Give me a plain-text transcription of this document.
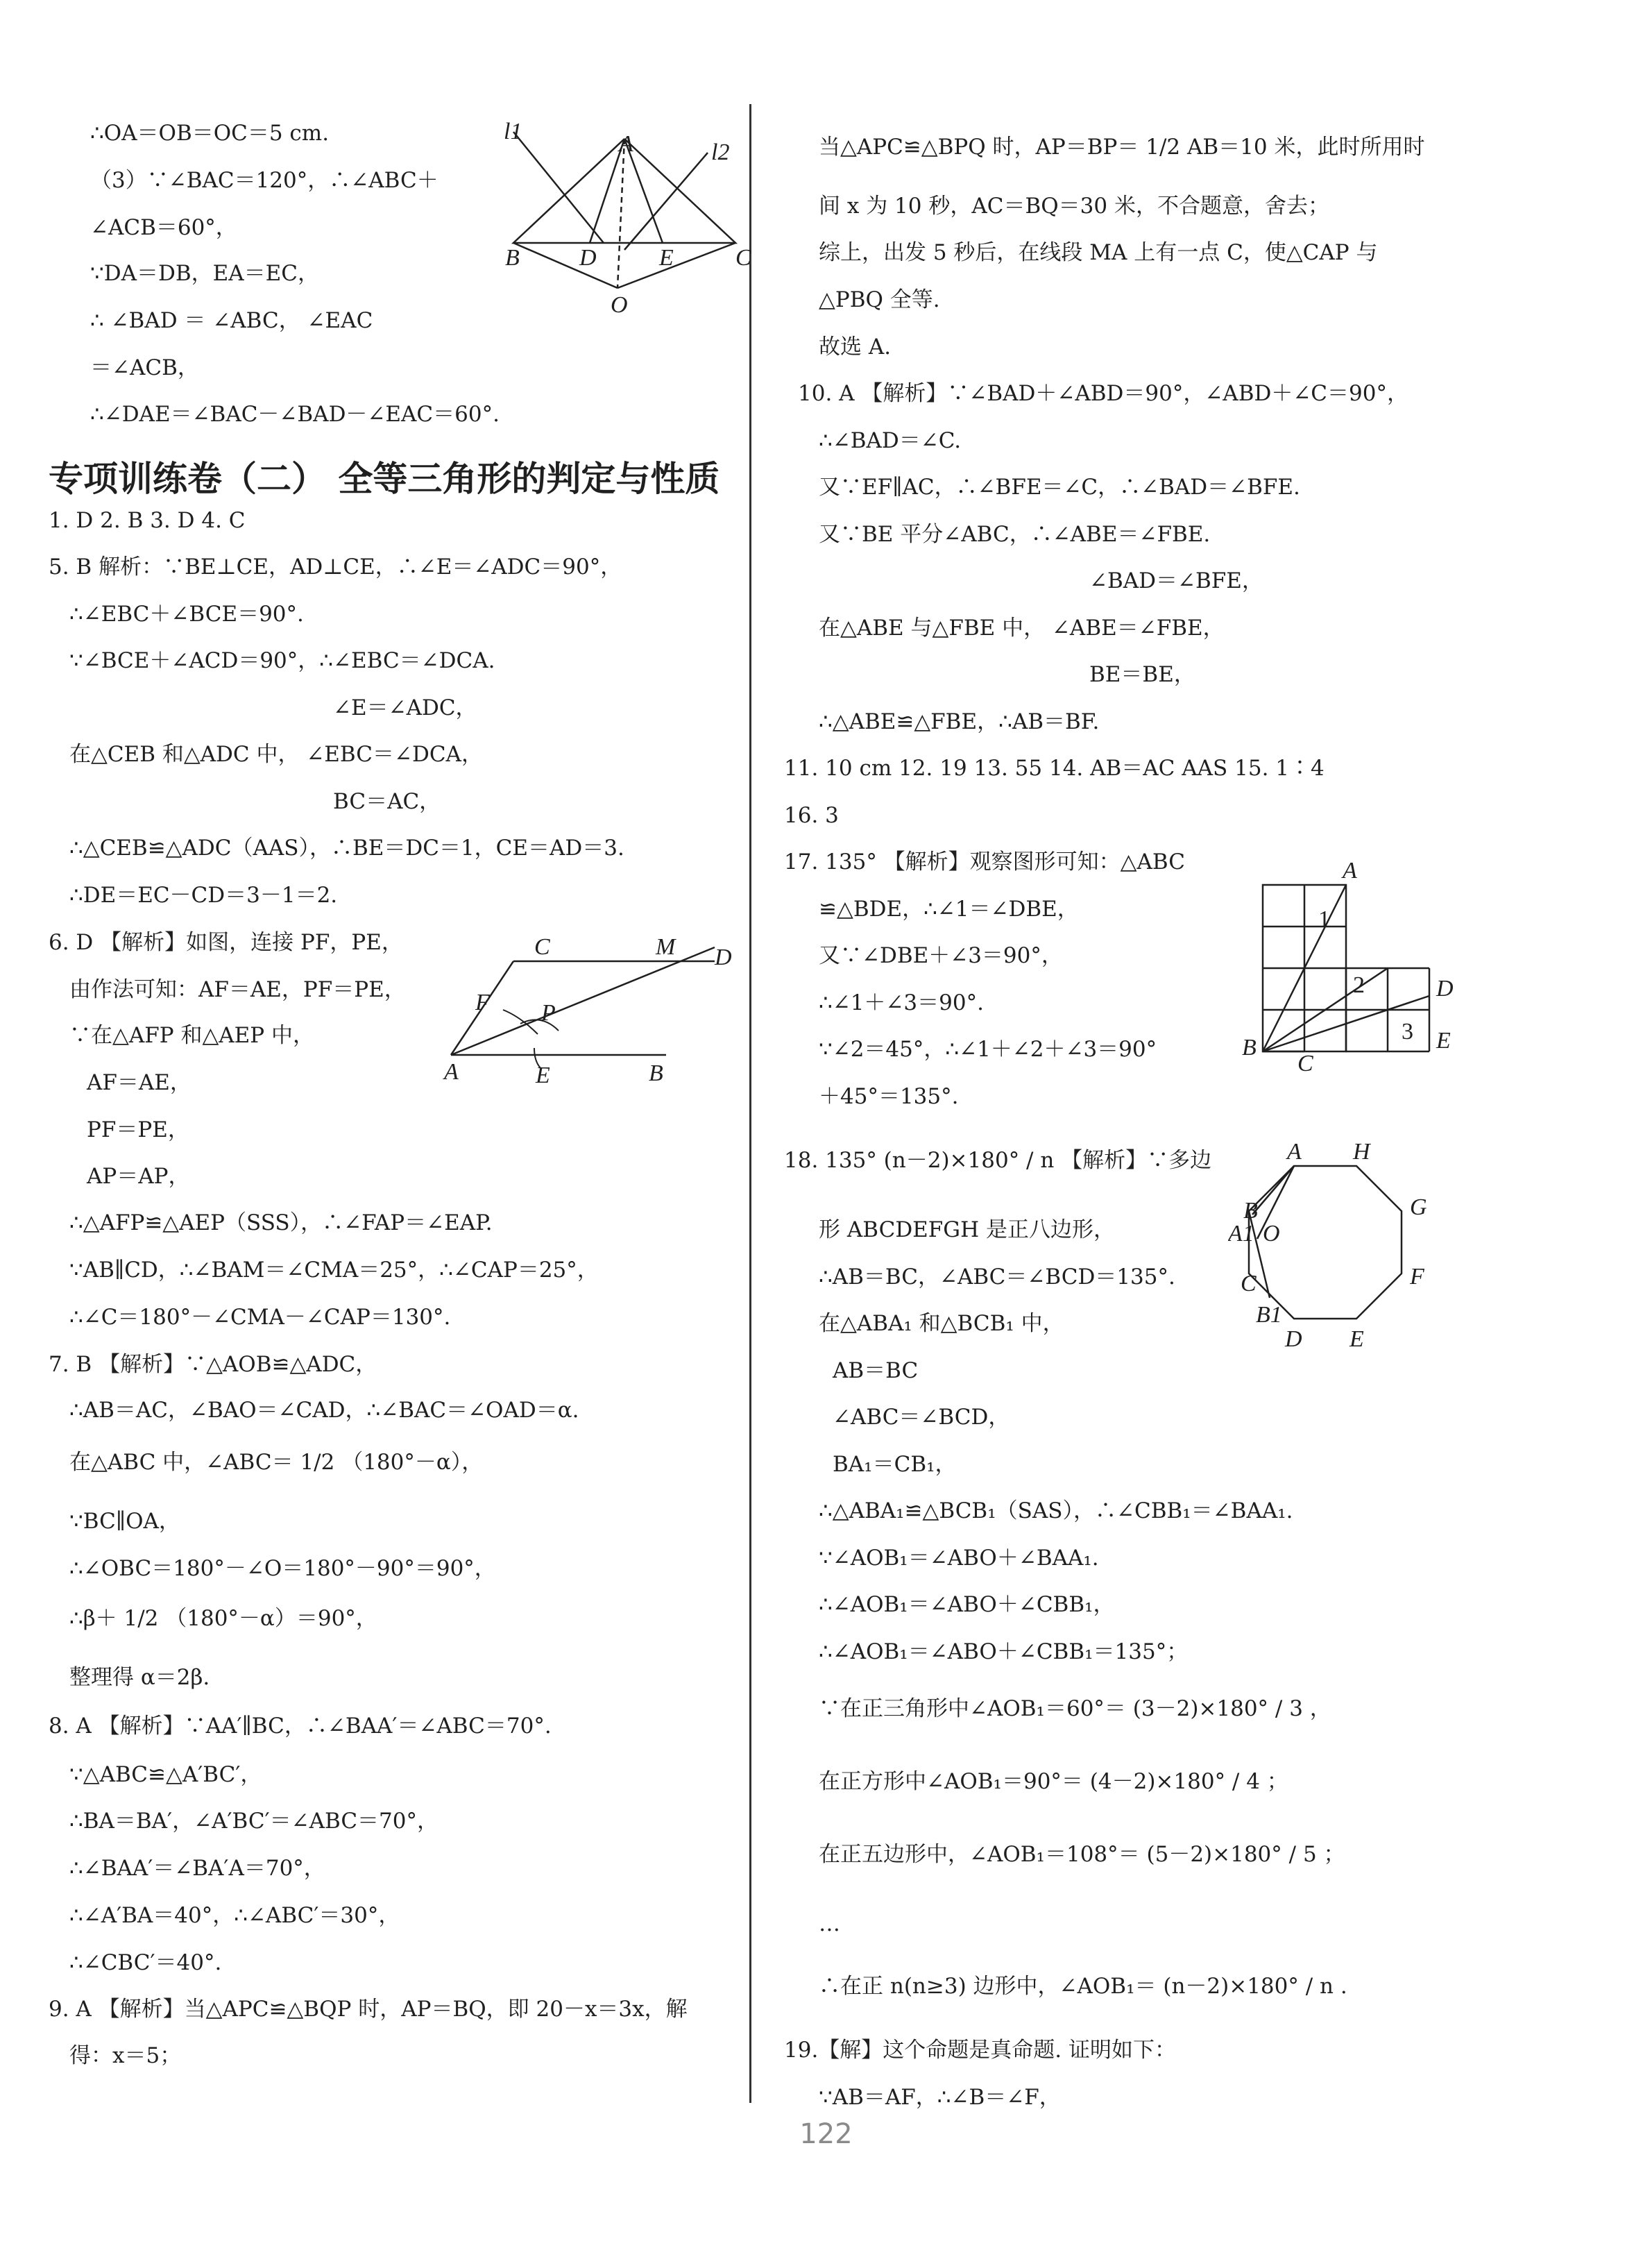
∴OA＝OB＝OC＝5 cm.
（3）∵∠BAC＝120°，∴∠ABC＋
∠ACB＝60°，
∵DA＝DB，EA＝EC，
∴ ∠BAD ＝ ∠ABC， ∠EAC
＝∠ACB，
∴∠DAE＝∠BAC－∠BAD－∠EAC＝60°.
专项训练卷（二） 全等三角形的判定与性质
1. D 2. B 3. D 4. C
5. B 解析：∵BE⊥CE，AD⊥CE，∴∠E＝∠ADC＝90°，
∴∠EBC＋∠BCE＝90°.
∵∠BCE＋∠ACD＝90°，∴∠EBC＝∠DCA.
∠E＝∠ADC，
在△CEB 和△ADC 中， ∠EBC＝∠DCA，
BC＝AC，
∴△CEB≌△ADC（AAS），∴BE＝DC＝1，CE＝AD＝3.
∴DE＝EC－CD＝3－1＝2.
6. D 【解析】如图，连接 PF，PE，
由作法可知：AF＝AE，PF＝PE，
∵在△AFP 和△AEP 中，
AF＝AE，
PF＝PE，
AP＝AP，
∴△AFP≌△AEP（SSS），∴∠FAP＝∠EAP.
∵AB∥CD，∴∠BAM＝∠CMA＝25°，∴∠CAP＝25°，
∴∠C＝180°－∠CMA－∠CAP＝130°.
7. B 【解析】∵△AOB≌△ADC，
∴AB＝AC，∠BAO＝∠CAD，∴∠BAC＝∠OAD＝α.
在△ABC 中，∠ABC＝ 1/2 （180°－α），
∵BC∥OA，
∴∠OBC＝180°－∠O＝180°－90°＝90°，
∴β＋ 1/2 （180°－α）＝90°，
整理得 α＝2β.
8. A 【解析】∵AA′∥BC，∴∠BAA′＝∠ABC＝70°.
∵△ABC≌△A′BC′，
∴BA＝BA′，∠A′BC′＝∠ABC＝70°，
∴∠BAA′＝∠BA′A＝70°，
∴∠A′BA＝40°，∴∠ABC′＝30°，
∴∠CBC′＝40°.
9. A 【解析】当△APC≌△BQP 时，AP＝BQ，即 20－x＝3x，解
得：x＝5；
当△APC≌△BPQ 时，AP＝BP＝ 1/2 AB＝10 米，此时所用时
间 x 为 10 秒，AC＝BQ＝30 米，不合题意，舍去；
综上，出发 5 秒后，在线段 MA 上有一点 C，使△CAP 与
△PBQ 全等.
故选 A.
10. A 【解析】∵∠BAD＋∠ABD＝90°，∠ABD＋∠C＝90°，
∴∠BAD＝∠C.
又∵EF∥AC，∴∠BFE＝∠C，∴∠BAD＝∠BFE.
又∵BE 平分∠ABC，∴∠ABE＝∠FBE.
∠BAD＝∠BFE，
在△ABE 与△FBE 中， ∠ABE＝∠FBE，
BE＝BE，
∴△ABE≌△FBE，∴AB＝BF.
11. 10 cm 12. 19 13. 55 14. AB＝AC AAS 15. 1∶4
16. 3
17. 135° 【解析】观察图形可知：△ABC
≌△BDE，∴∠1＝∠DBE，
又∵∠DBE＋∠3＝90°，
∴∠1＋∠3＝90°.
∵∠2＝45°，∴∠1＋∠2＋∠3＝90°
＋45°＝135°.
18. 135° (n－2)×180° / n 【解析】∵多边
形 ABCDEFGH 是正八边形，
∴AB＝BC，∠ABC＝∠BCD＝135°.
在△ABA₁ 和△BCB₁ 中，
AB＝BC
∠ABC＝∠BCD，
BA₁＝CB₁，
∴△ABA₁≌△BCB₁（SAS），∴∠CBB₁＝∠BAA₁.
∵∠AOB₁＝∠ABO＋∠BAA₁.
∴∠AOB₁＝∠ABO＋∠CBB₁，
∴∠AOB₁＝∠ABO＋∠CBB₁＝135°；
∵在正三角形中∠AOB₁＝60°＝ (3－2)×180° / 3 ，
在正方形中∠AOB₁＝90°＝ (4－2)×180° / 4 ；
在正五边形中，∠AOB₁＝108°＝ (5－2)×180° / 5 ；
…
∴在正 n(n≥3) 边形中，∠AOB₁＝ (n－2)×180° / n .
19.【解】这个命题是真命题. 证明如下：
∵AB＝AF，∴∠B＝∠F，
A
B	C
D	E
O
l1
l2
C	M D
F P
A	E	B
A
B
C
D
E
1
2
3
A H
B
A1 O
C
B1
D E
F
G
122
